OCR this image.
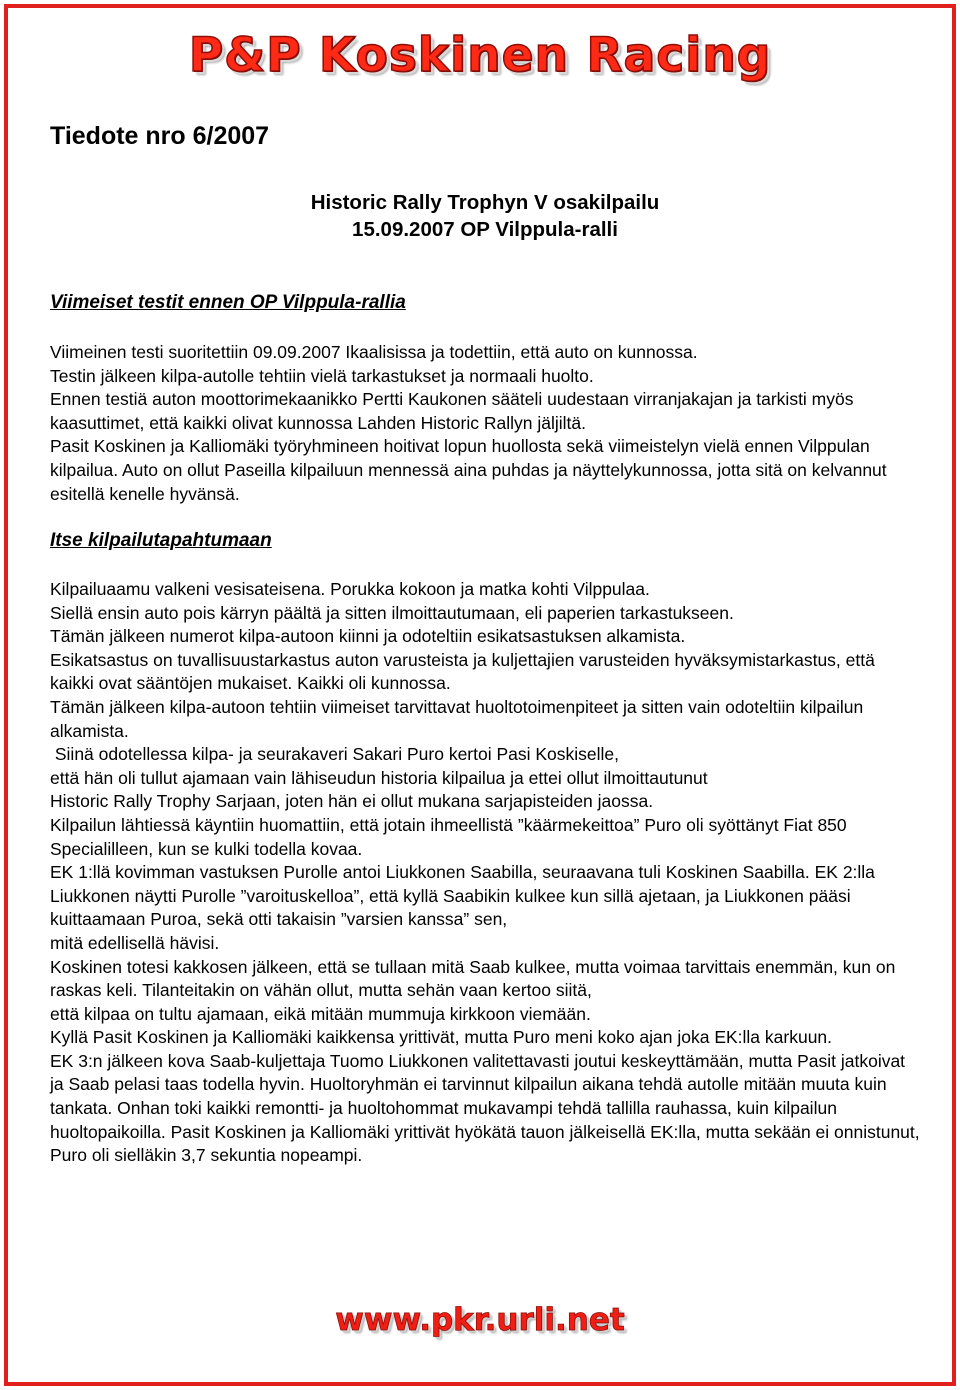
P&P Koskinen Racing
Tiedote nro 6/2007
Historic Rally Trophyn V osakilpailu
15.09.2007 OP Vilppula-ralli
Viimeiset testit ennen OP Vilppula-rallia

Viimeinen testi suoritettiin 09.09.2007 Ikaalisissa ja todettiin, että auto on kunnossa.

Testin jälkeen kilpa-autolle tehtiin vielä tarkastukset ja normaali huolto.

Ennen testiä auton moottorimekaanikko Pertti Kaukonen sääteli uudestaan virranjakajan ja tarkisti myös kaasuttimet, että kaikki olivat kunnossa Lahden Historic Rallyn jäljiltä.

Pasit Koskinen ja Kalliomäki työryhmineen hoitivat lopun huollosta sekä viimeistelyn vielä ennen Vilppulan kilpailua. Auto on ollut Paseilla kilpailuun mennessä aina puhdas ja näyttelykunnossa, jotta sitä on kelvannut esitellä kenelle hyvänsä.

Itse kilpailutapahtumaan

Kilpailuaamu valkeni vesisateisena. Porukka kokoon ja matka kohti Vilppulaa.

Siellä ensin auto pois kärryn päältä ja sitten ilmoittautumaan, eli paperien tarkastukseen.

Tämän jälkeen numerot kilpa-autoon kiinni ja odoteltiin esikatsastuksen alkamista.

Esikatsastus on tuvallisuustarkastus auton varusteista ja kuljettajien varusteiden hyväksymistarkastus, että kaikki ovat sääntöjen mukaiset. Kaikki oli kunnossa.

Tämän jälkeen kilpa-autoon tehtiin viimeiset tarvittavat huoltotoimenpiteet ja sitten vain odoteltiin kilpailun alkamista.

Siinä odotellessa kilpa- ja seurakaveri Sakari Puro kertoi Pasi Koskiselle,

että hän oli tullut ajamaan vain lähiseudun historia kilpailua ja ettei ollut ilmoittautunut

Historic Rally Trophy Sarjaan, joten hän ei ollut mukana sarjapisteiden jaossa.

Kilpailun lähtiessä käyntiin huomattiin, että jotain ihmeellistä ”käärmekeittoa” Puro oli syöttänyt Fiat 850 Specialilleen, kun se kulki todella kovaa.

EK 1:llä kovimman vastuksen Purolle antoi Liukkonen Saabilla, seuraavana tuli Koskinen Saabilla. EK 2:lla Liukkonen näytti Purolle ”varoituskelloa”, että kyllä Saabikin kulkee kun sillä ajetaan, ja Liukkonen pääsi kuittaamaan Puroa, sekä otti takaisin ”varsien kanssa” sen,

mitä edellisellä hävisi.

Koskinen totesi kakkosen jälkeen, että se tullaan mitä Saab kulkee, mutta voimaa tarvittais enemmän, kun on raskas keli. Tilanteitakin on vähän ollut, mutta sehän vaan kertoo siitä,

että kilpaa on tultu ajamaan, eikä mitään mummuja kirkkoon viemään.

Kyllä Pasit Koskinen ja Kalliomäki kaikkensa yrittivät, mutta Puro meni koko ajan joka EK:lla karkuun.

EK 3:n jälkeen kova Saab-kuljettaja Tuomo Liukkonen valitettavasti joutui keskeyttämään, mutta Pasit jatkoivat ja Saab pelasi taas todella hyvin. Huoltoryhmän ei tarvinnut kilpailun aikana tehdä autolle mitään muuta kuin tankata. Onhan toki kaikki remontti- ja huoltohommat mukavampi tehdä tallilla rauhassa, kuin kilpailun huoltopaikoilla. Pasit Koskinen ja Kalliomäki yrittivät hyökätä tauon jälkeisellä EK:lla, mutta sekään ei onnistunut, Puro oli sielläkin 3,7 sekuntia nopeampi.

www.pkr.urli.net
